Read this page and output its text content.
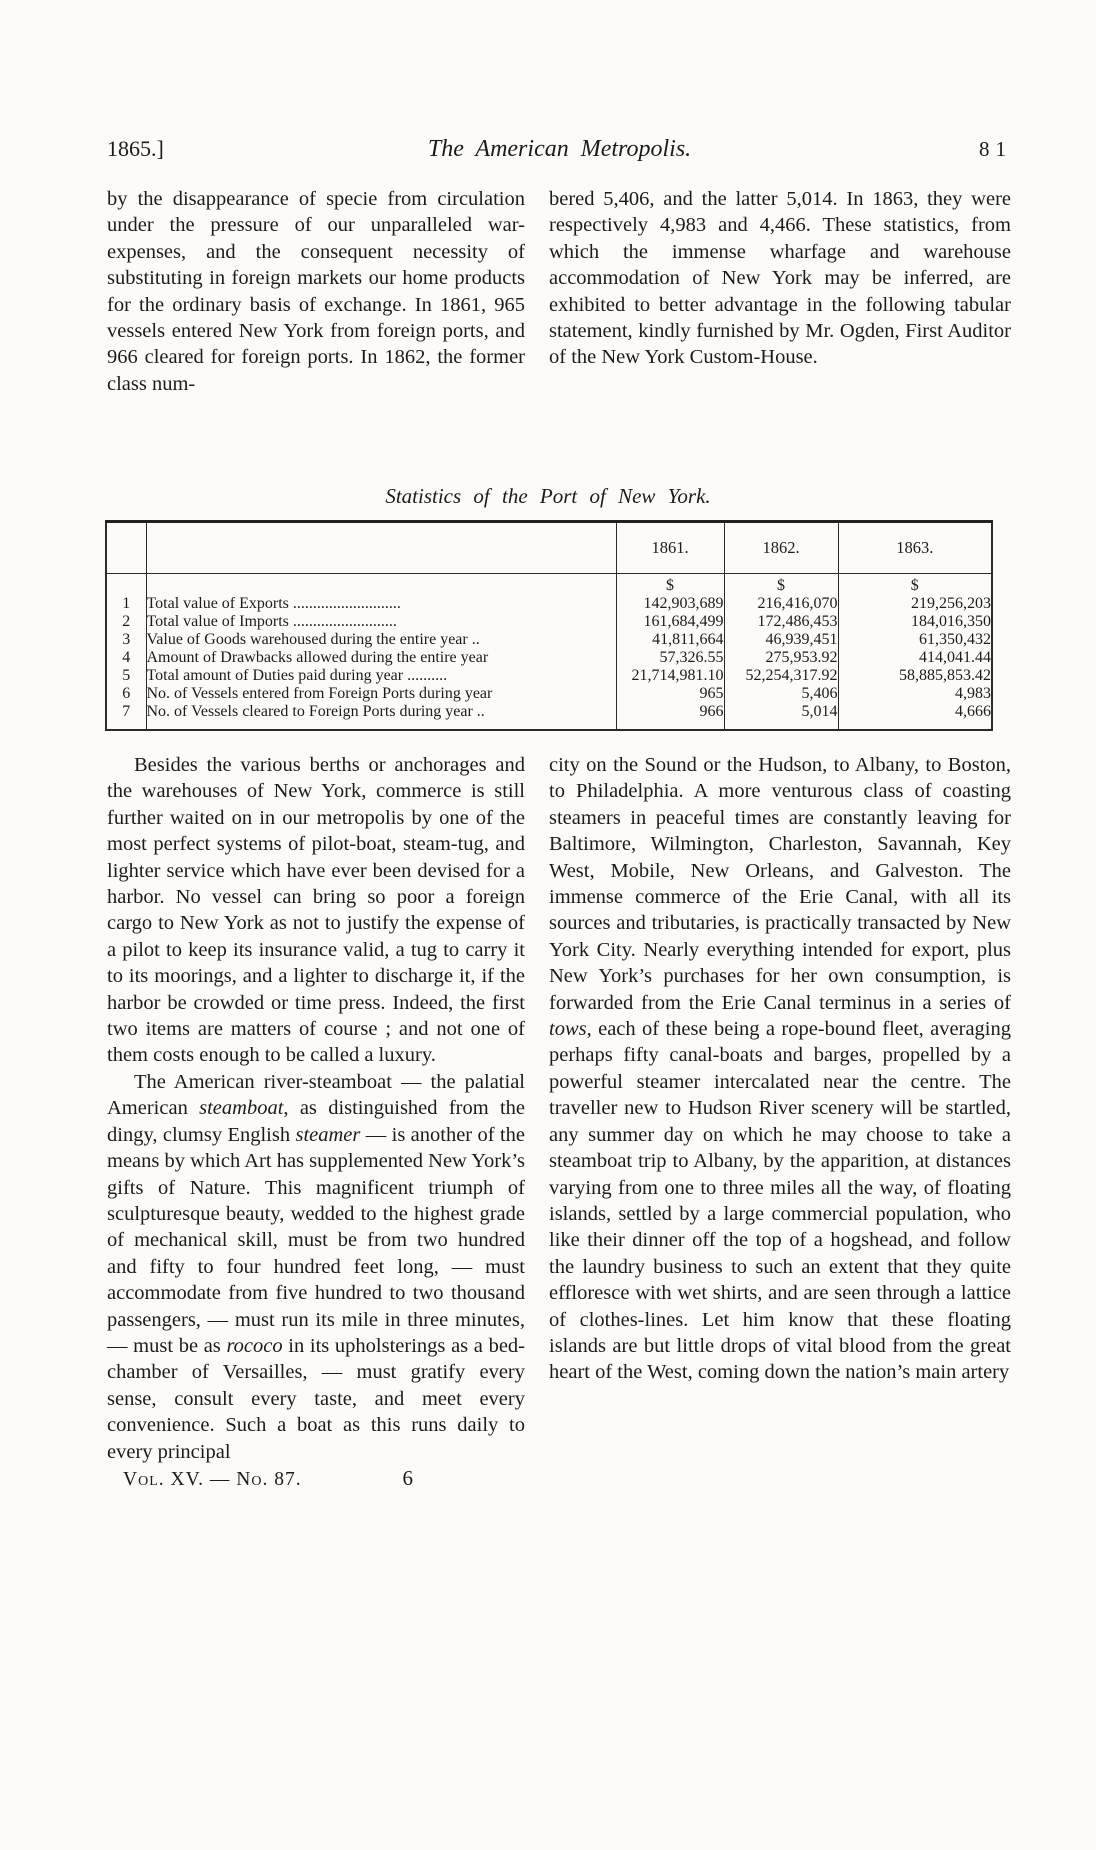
1865.]	The American Metropolis.	81

by the disappearance of specie from circulation under the pressure of our unparalleled war-expenses, and the consequent necessity of substituting in foreign markets our home products for the ordinary basis of exchange. In 1861, 965 vessels entered New York from foreign ports, and 966 cleared for foreign ports. In 1862, the former class num-

bered 5,406, and the latter 5,014. In 1863, they were respectively 4,983 and 4,466. These statistics, from which the immense wharfage and warehouse accommodation of New York may be inferred, are exhibited to better advantage in the following tabular statement, kindly furnished by Mr. Ogden, First Auditor of the New York Custom-House.

Statistics of the Port of New York.
		1861.	1862.	1863.
		$	$	$
1	Total value of Exports ...........................	142,903,689	216,416,070	219,256,203
2	Total value of Imports ..........................	161,684,499	172,486,453	184,016,350
3	Value of Goods warehoused during the entire year ..	41,811,664	46,939,451	61,350,432
4	Amount of Drawbacks allowed during the entire year	57,326.55	275,953.92	414,041.44
5	Total amount of Duties paid during year ..........	21,714,981.10	52,254,317.92	58,885,853.42
6	No. of Vessels entered from Foreign Ports during year	965	5,406	4,983
7	No. of Vessels cleared to Foreign Ports during year ..	966	5,014	4,666

Besides the various berths or anchorages and the warehouses of New York, commerce is still further waited on in our metropolis by one of the most perfect systems of pilot-boat, steam-tug, and lighter service which have ever been devised for a harbor. No vessel can bring so poor a foreign cargo to New York as not to justify the expense of a pilot to keep its insurance valid, a tug to carry it to its moorings, and a lighter to discharge it, if the harbor be crowded or time press. Indeed, the first two items are matters of course ; and not one of them costs enough to be called a luxury.

The American river-steamboat — the palatial American steamboat, as distinguished from the dingy, clumsy English steamer — is another of the means by which Art has supplemented New York’s gifts of Nature. This magnificent triumph of sculpturesque beauty, wedded to the highest grade of mechanical skill, must be from two hundred and fifty to four hundred feet long, — must accommodate from five hundred to two thousand passengers, — must run its mile in three minutes, — must be as rococo in its upholsterings as a bed-chamber of Versailles, — must gratify every sense, consult every taste, and meet every convenience. Such a boat as this runs daily to every principal

Vol. XV. — No. 87.	6

city on the Sound or the Hudson, to Albany, to Boston, to Philadelphia. A more venturous class of coasting steamers in peaceful times are constantly leaving for Baltimore, Wilmington, Charleston, Savannah, Key West, Mobile, New Orleans, and Galveston. The immense commerce of the Erie Canal, with all its sources and tributaries, is practically transacted by New York City. Nearly everything intended for export, plus New York’s purchases for her own consumption, is forwarded from the Erie Canal terminus in a series of tows, each of these being a rope-bound fleet, averaging perhaps fifty canal-boats and barges, propelled by a powerful steamer intercalated near the centre. The traveller new to Hudson River scenery will be startled, any summer day on which he may choose to take a steamboat trip to Albany, by the apparition, at distances varying from one to three miles all the way, of floating islands, settled by a large commercial population, who like their dinner off the top of a hogshead, and follow the laundry business to such an extent that they quite effloresce with wet shirts, and are seen through a lattice of clothes-lines. Let him know that these floating islands are but little drops of vital blood from the great heart of the West, coming down the nation’s main artery
